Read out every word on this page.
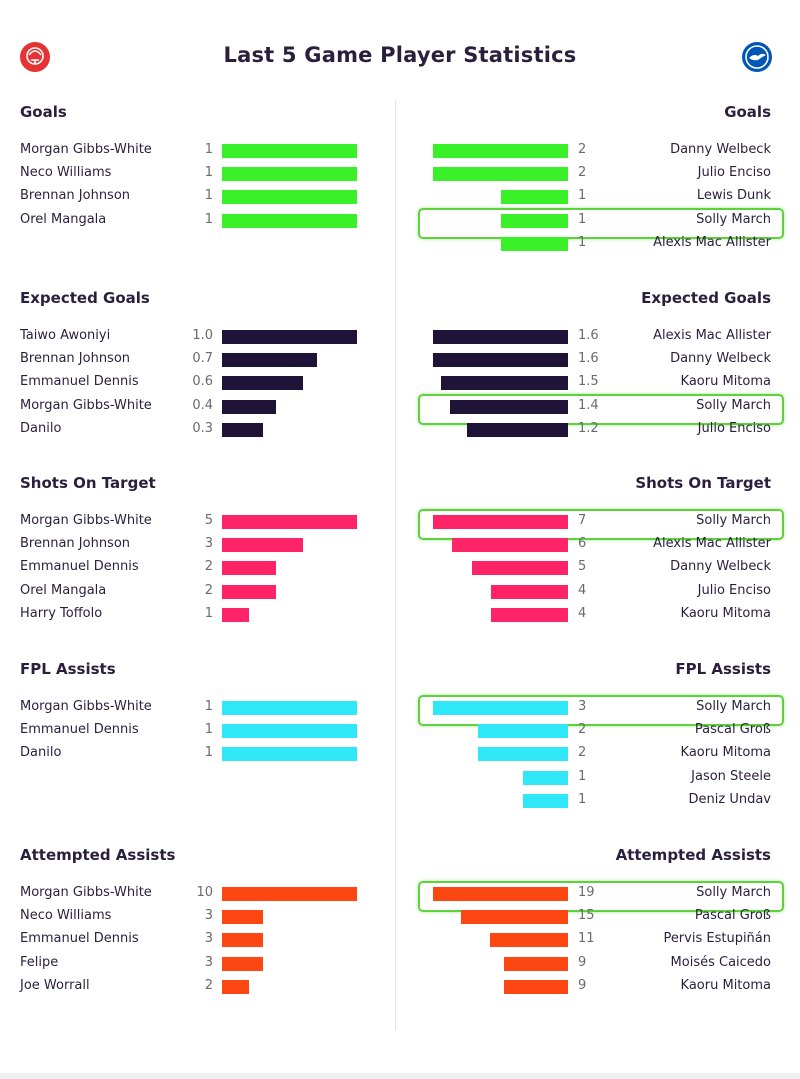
Last 5 Game Player Statistics
Goals	Goals
Morgan Gibbs-White	1
Neco Williams	1
Brennan Johnson	1
Orel Mangala	1
2	Danny Welbeck
2	Julio Enciso
1	Lewis Dunk
1	Solly March
1	Alexis Mac Allister
Expected Goals	Expected Goals
Taiwo Awoniyi	1.0
Brennan Johnson	0.7
Emmanuel Dennis	0.6
Morgan Gibbs-White	0.4
Danilo	0.3
1.6	Alexis Mac Allister
1.6	Danny Welbeck
1.5	Kaoru Mitoma
1.4	Solly March
1.2	Julio Enciso
Shots On Target	Shots On Target
Morgan Gibbs-White	5
Brennan Johnson	3
Emmanuel Dennis	2
Orel Mangala	2
Harry Toffolo	1
7	Solly March
6	Alexis Mac Allister
5	Danny Welbeck
4	Julio Enciso
4	Kaoru Mitoma
FPL Assists	FPL Assists
Morgan Gibbs-White	1
Emmanuel Dennis	1
Danilo	1
3	Solly March
2	Pascal Groß
2	Kaoru Mitoma
1	Jason Steele
1	Deniz Undav
Attempted Assists	Attempted Assists
Morgan Gibbs-White	10
Neco Williams	3
Emmanuel Dennis	3
Felipe	3
Joe Worrall	2
19	Solly March
15	Pascal Groß
11	Pervis Estupiñán
9	Moisés Caicedo
9	Kaoru Mitoma
